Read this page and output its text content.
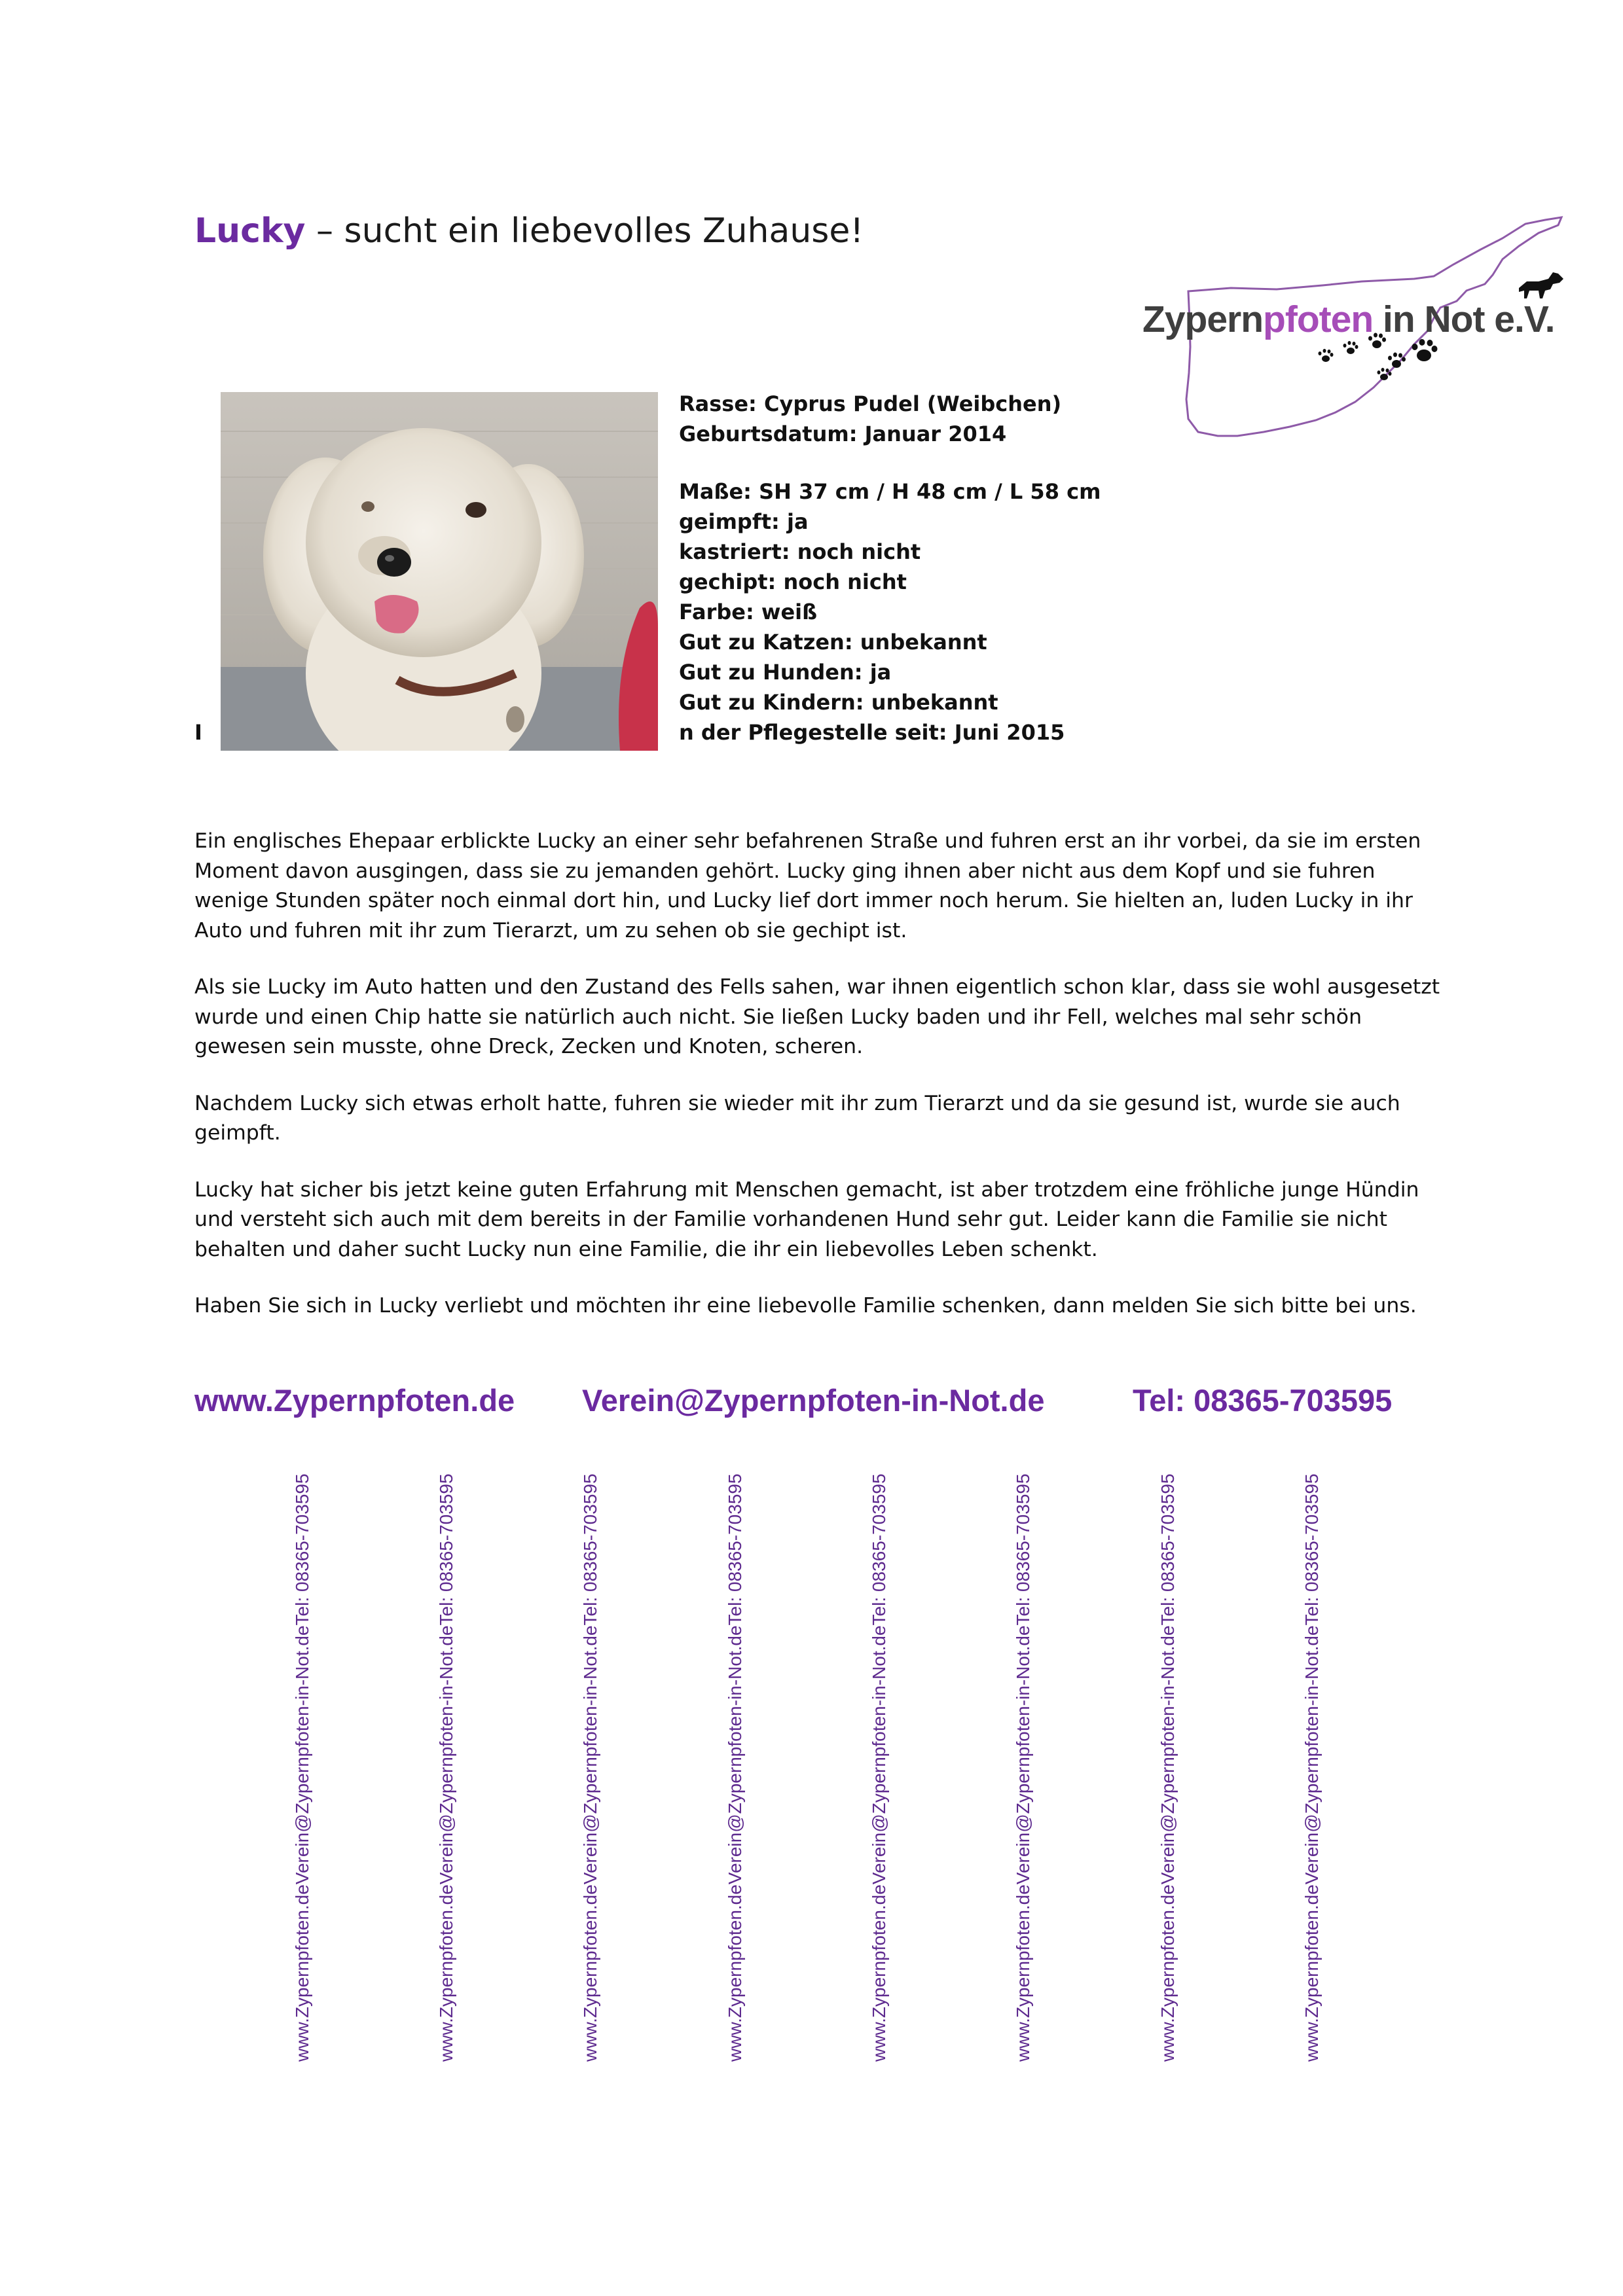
Lucky – sucht ein liebevolles Zuhause!
Zypernpfoten in Not e.V.
I
Rasse: Cyprus Pudel (Weibchen)
Geburtsdatum: Januar 2014
Maße: SH 37 cm / H 48 cm / L 58 cm
geimpft: ja
kastriert: noch nicht
gechipt: noch nicht
Farbe: weiß
Gut zu Katzen: unbekannt
Gut zu Hunden: ja
Gut zu Kindern: unbekannt
n der Pflegestelle seit: Juni 2015

Ein englisches Ehepaar erblickte Lucky an einer sehr befahrenen Straße und fuhren erst an ihr vorbei, da sie im ersten Moment davon ausgingen, dass sie zu jemanden gehört. Lucky ging ihnen aber nicht aus dem Kopf und sie fuhren wenige Stunden später noch einmal dort hin, und Lucky lief dort immer noch herum. Sie hielten an, luden Lucky in ihr Auto und fuhren mit ihr zum Tierarzt, um zu sehen ob sie gechipt ist.

Als sie Lucky im Auto hatten und den Zustand des Fells sahen, war ihnen eigentlich schon klar, dass sie wohl ausgesetzt wurde und einen Chip hatte sie natürlich auch nicht. Sie ließen Lucky baden und ihr Fell, welches mal sehr schön gewesen sein musste, ohne Dreck, Zecken und Knoten, scheren.

Nachdem Lucky sich etwas erholt hatte, fuhren sie wieder mit ihr zum Tierarzt und da sie gesund ist, wurde sie auch geimpft.

Lucky hat sicher bis jetzt keine guten Erfahrung mit Menschen gemacht, ist aber trotzdem eine fröhliche junge Hündin und versteht sich auch mit dem bereits in der Familie vorhandenen Hund sehr gut. Leider kann die Familie sie nicht behalten und daher sucht Lucky nun eine Familie, die ihr ein liebevolles Leben schenkt.

Haben Sie sich in Lucky verliebt und möchten ihr eine liebevolle Familie schenken, dann melden Sie sich bitte bei uns.

www.Zypernpfoten.de Verein@Zypernpfoten-in-Not.de	Tel: 08365-703595
www.Zypernpfoten.de
Verein@Zypernpfoten-in-Not.de
Tel: 08365-703595
www.Zypernpfoten.de
Verein@Zypernpfoten-in-Not.de
Tel: 08365-703595
www.Zypernpfoten.de
Verein@Zypernpfoten-in-Not.de
Tel: 08365-703595
www.Zypernpfoten.de
Verein@Zypernpfoten-in-Not.de
Tel: 08365-703595
www.Zypernpfoten.de
Verein@Zypernpfoten-in-Not.de
Tel: 08365-703595
www.Zypernpfoten.de
Verein@Zypernpfoten-in-Not.de
Tel: 08365-703595
www.Zypernpfoten.de
Verein@Zypernpfoten-in-Not.de
Tel: 08365-703595
www.Zypernpfoten.de
Verein@Zypernpfoten-in-Not.de
Tel: 08365-703595
